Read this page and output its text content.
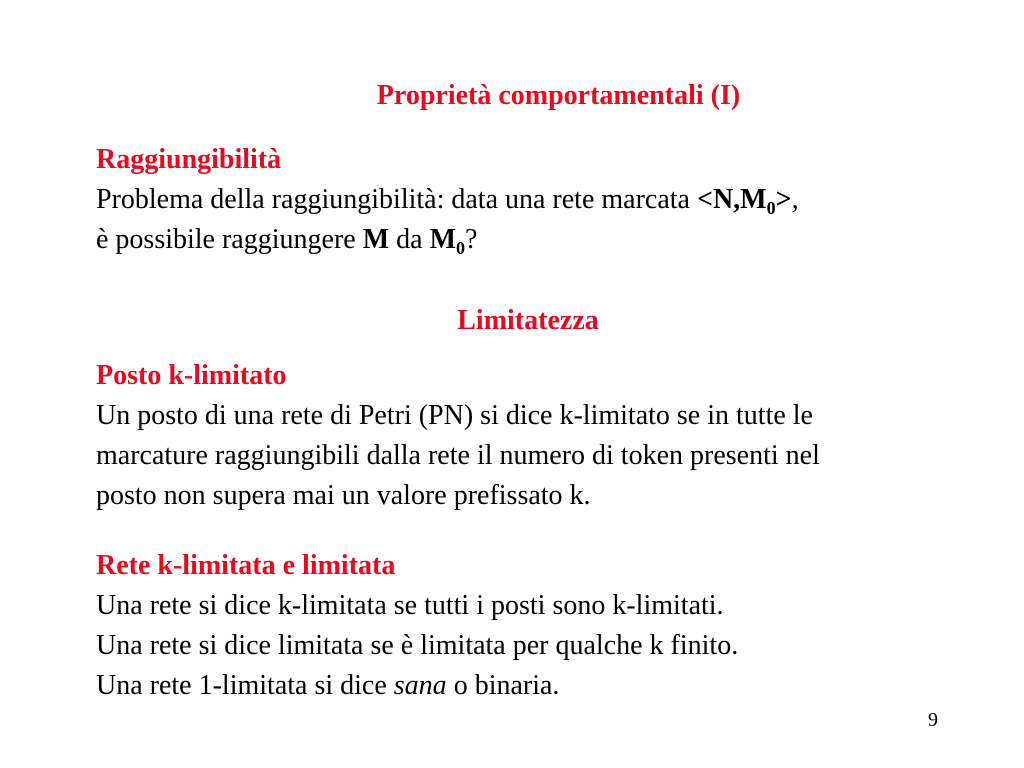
Proprietà comportamentali (I)
Raggiungibilità
Problema della raggiungibilità: data una rete marcata $<N,M_0>$,
è possibile raggiungere M da $M_0$?
Limitatezza
Posto k-limitato
Un posto di una rete di Petri (PN) si dice k-limitato se in tutte le
marcature raggiungibili dalla rete il numero di token presenti nel
posto non supera mai un valore prefissato k.
Rete k-limitata e limitata
Una rete si dice k-limitata se tutti i posti sono k-limitati.
Una rete si dice limitata se è limitata per qualche k finito.
Una rete 1-limitata si dice sana o binaria.
9
